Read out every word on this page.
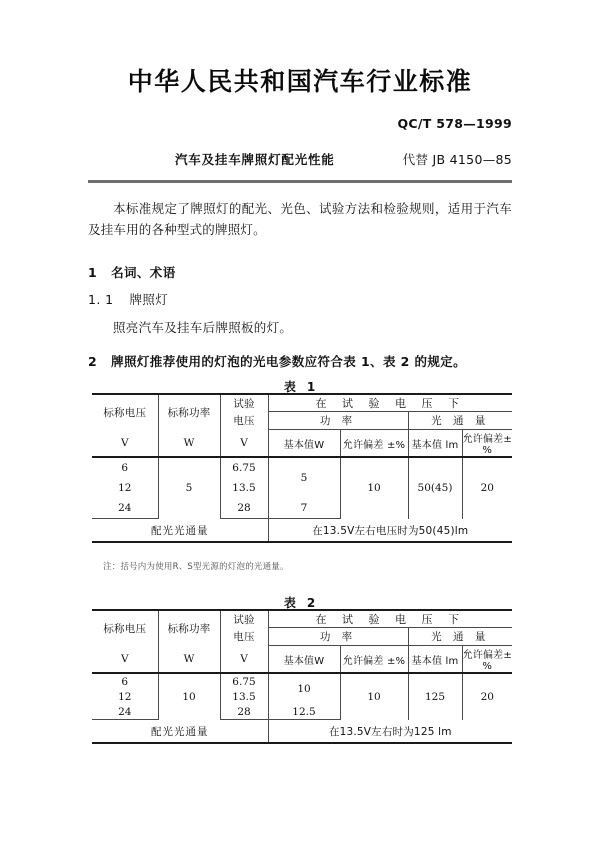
中华人民共和国汽车行业标准
QC/T 578—1999
汽车及挂车牌照灯配光性能	代替 JB 4150—85
本标准规定了牌照灯的配光、光色、试验方法和检验规则，适用于汽车及挂车用的各种型式的牌照灯。
1 名词、术语
1. 1 牌照灯
照亮汽车及挂车后牌照板的灯。
2 牌照灯推荐使用的灯泡的光电参数应符合表 1、表 2 的规定。
表 1
标称电压	标称功率	试验	在 试 验 电 压 下			
		电压	功 率		光 通 量	
V	W	V	基本值W	允许偏差 ±%	基本值 lm	允许偏差±%
6	5	6.75	5	10	50(45)	20
12		13.5				
24		28	7			
配光光通量			在13.5V左右电压时为50(45)lm			
注：括号内为使用R、S型光源的灯泡的光通量。
表 2
标称电压	标称功率	试验	在 试 验 电 压 下			
		电压	功 率		光 通 量	
V	W	V	基本值W	允许偏差 ±%	基本值 lm	允许偏差±%
6	10	6.75	10	10	125	20
12		13.5				
24		28	12.5			
配光光通量			在13.5V左右时为125 lm			
